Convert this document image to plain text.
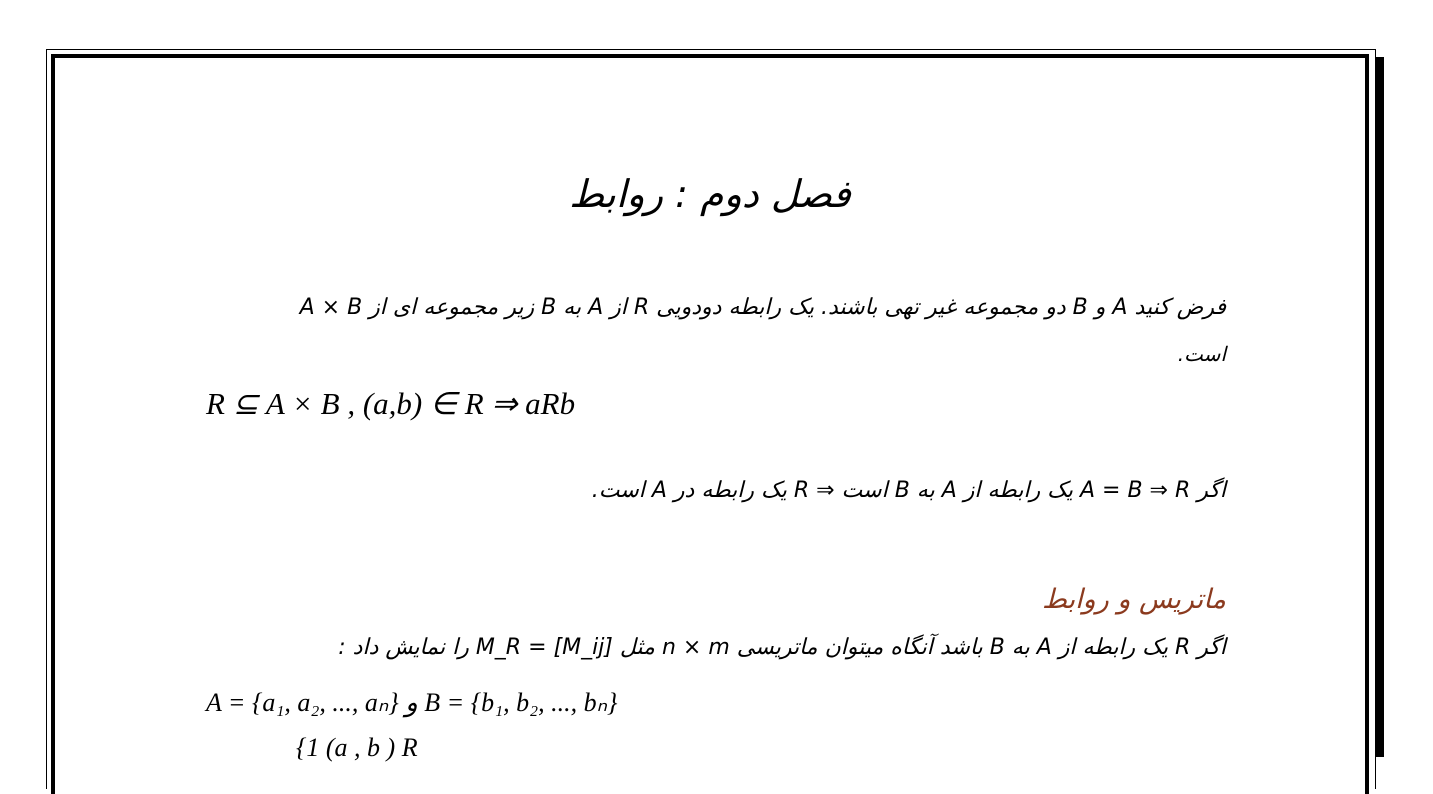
فصل دوم : روابط
فرض کنید A و B دو مجموعه غیر تهی باشند. یک رابطه دودویی R از A به B زیر مجموعه ای از A × B
است.
R ⊆ A × B , (a,b) ∈ R ⇒ aRb
اگر A = B ⇒ R یک رابطه از A به B است ⇒ R یک رابطه در A است.
ماتریس و روابط
اگر R یک رابطه از A به B باشد آنگاه میتوان ماتریسی n × m مثل M_R = [M_ij] را نمایش داد :
A = {a₁, a₂, ..., aₙ} و B = {b₁, b₂, ..., bₙ}
{1 (a , b ) R
